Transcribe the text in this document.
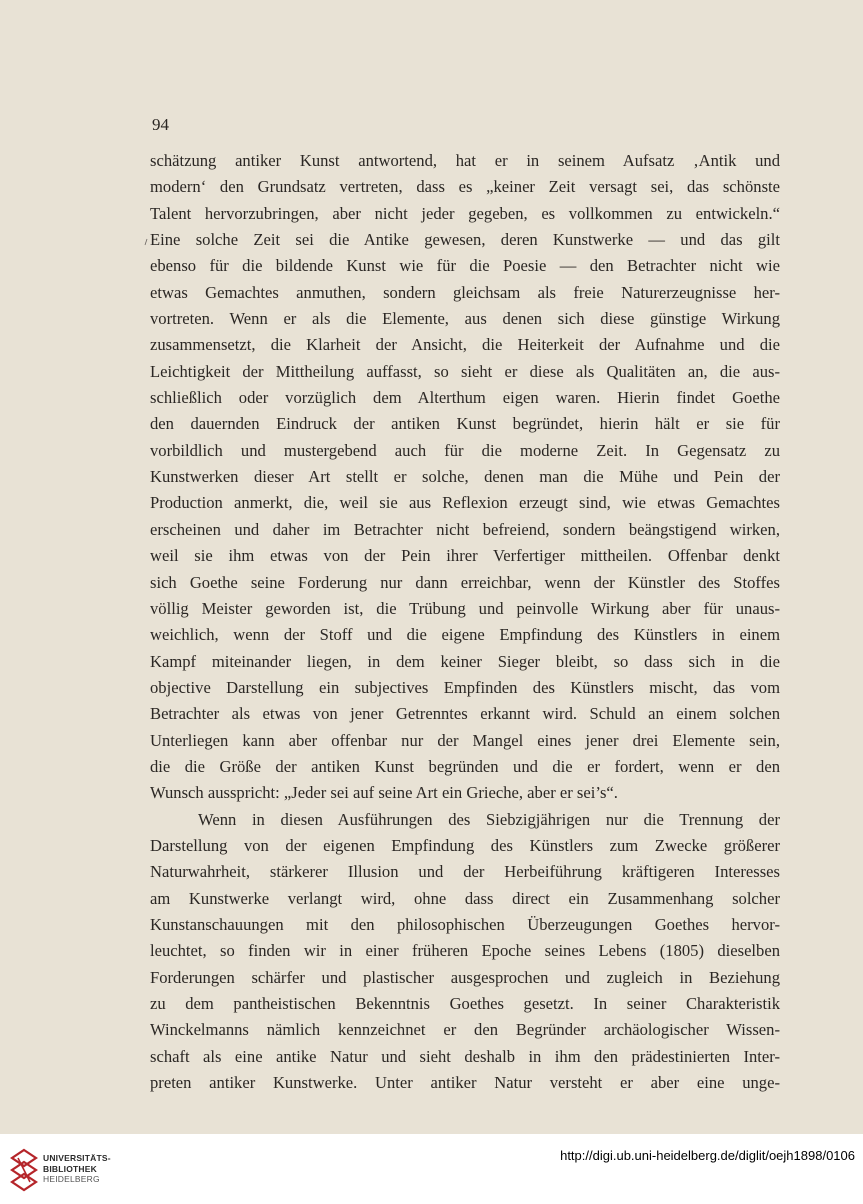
94

schätzung antiker Kunst antwortend, hat er in seinem Aufsatz ‚Antik und
modern‘ den Grundsatz vertreten, dass es „keiner Zeit versagt sei, das schönste
Talent hervorzubringen, aber nicht jeder gegeben, es vollkommen zu entwickeln.“
Eine solche Zeit sei die Antike gewesen, deren Kunstwerke — und das gilt
ebenso für die bildende Kunst wie für die Poesie — den Betrachter nicht wie
etwas Gemachtes anmuthen, sondern gleichsam als freie Naturerzeugnisse her-
vortreten. Wenn er als die Elemente, aus denen sich diese günstige Wirkung
zusammensetzt, die Klarheit der Ansicht, die Heiterkeit der Aufnahme und die
Leichtigkeit der Mittheilung auffasst, so sieht er diese als Qualitäten an, die aus-
schließlich oder vorzüglich dem Alterthum eigen waren. Hierin findet Goethe
den dauernden Eindruck der antiken Kunst begründet, hierin hält er sie für
vorbildlich und mustergebend auch für die moderne Zeit. In Gegensatz zu
Kunstwerken dieser Art stellt er solche, denen man die Mühe und Pein der
Production anmerkt, die, weil sie aus Reflexion erzeugt sind, wie etwas Gemachtes
erscheinen und daher im Betrachter nicht befreiend, sondern beängstigend wirken,
weil sie ihm etwas von der Pein ihrer Verfertiger mittheilen. Offenbar denkt
sich Goethe seine Forderung nur dann erreichbar, wenn der Künstler des Stoffes
völlig Meister geworden ist, die Trübung und peinvolle Wirkung aber für unaus-
weichlich, wenn der Stoff und die eigene Empfindung des Künstlers in einem
Kampf miteinander liegen, in dem keiner Sieger bleibt, so dass sich in die
objective Darstellung ein subjectives Empfinden des Künstlers mischt, das vom
Betrachter als etwas von jener Getrenntes erkannt wird. Schuld an einem solchen
Unterliegen kann aber offenbar nur der Mangel eines jener drei Elemente sein,
die die Größe der antiken Kunst begründen und die er fordert, wenn er den
Wunsch ausspricht: „Jeder sei auf seine Art ein Grieche, aber er sei’s“.
Wenn in diesen Ausführungen des Siebzigjährigen nur die Trennung der
Darstellung von der eigenen Empfindung des Künstlers zum Zwecke größerer
Naturwahrheit, stärkerer Illusion und der Herbeiführung kräftigeren Interesses
am Kunstwerke verlangt wird, ohne dass direct ein Zusammenhang solcher
Kunstanschauungen mit den philosophischen Überzeugungen Goethes hervor-
leuchtet, so finden wir in einer früheren Epoche seines Lebens (1805) dieselben
Forderungen schärfer und plastischer ausgesprochen und zugleich in Beziehung
zu dem pantheistischen Bekenntnis Goethes gesetzt. In seiner Charakteristik
Winckelmanns nämlich kennzeichnet er den Begründer archäologischer Wissen-
schaft als eine antike Natur und sieht deshalb in ihm den prädestinierten Inter-
preten antiker Kunstwerke. Unter antiker Natur versteht er aber eine unge-
UNIVERSITÄTS-
BIBLIOTHEK
HEIDELBERG
http://digi.ub.uni-heidelberg.de/diglit/oejh1898/0106
